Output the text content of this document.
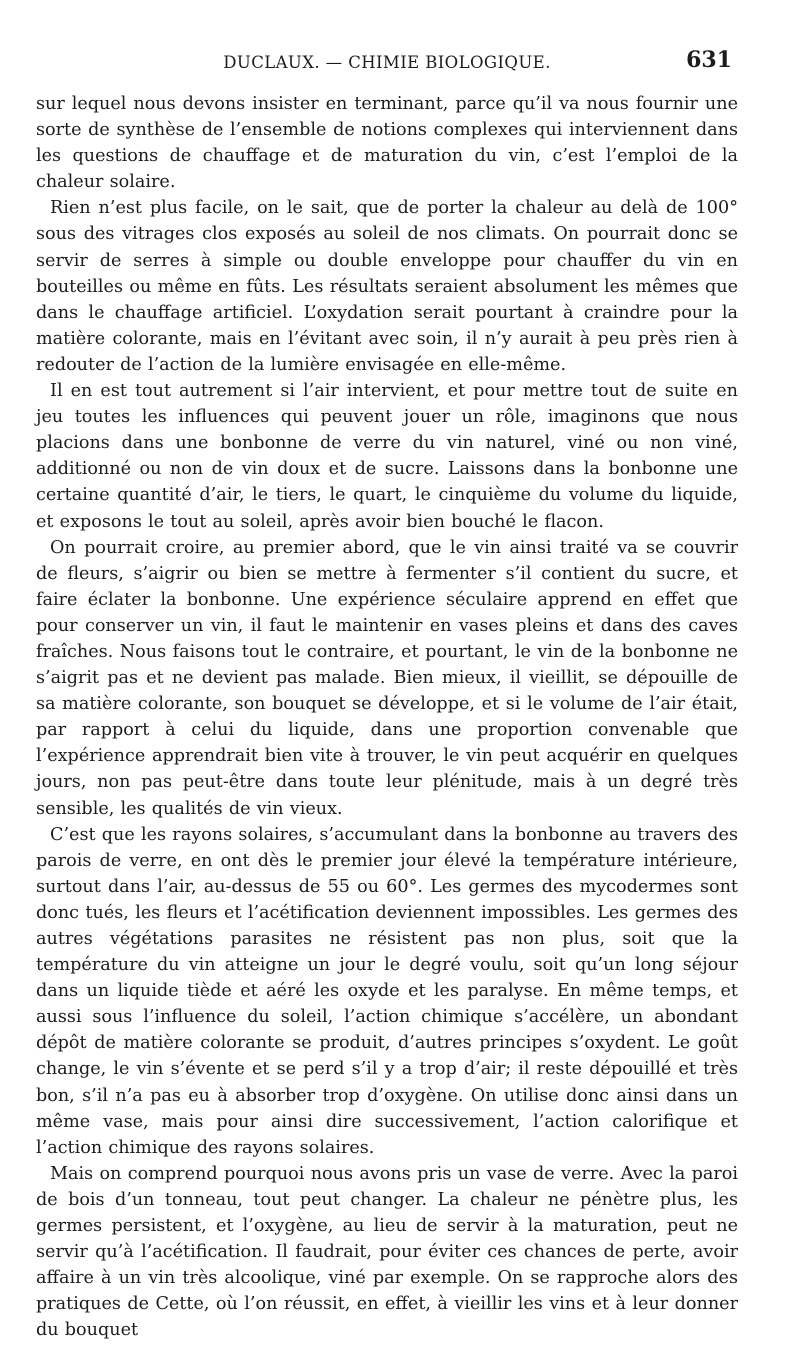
DUCLAUX. — CHIMIE BIOLOGIQUE.	631

sur lequel nous devons insister en terminant, parce qu’il va nous fournir une sorte de synthèse de l’ensemble de notions complexes qui interviennent dans les questions de chauffage et de maturation du vin, c’est l’emploi de la chaleur solaire.

Rien n’est plus facile, on le sait, que de porter la chaleur au delà de 100° sous des vitrages clos exposés au soleil de nos climats. On pourrait donc se servir de serres à simple ou double enveloppe pour chauffer du vin en bouteilles ou même en fûts. Les résultats seraient absolument les mêmes que dans le chauffage artificiel. L’oxydation serait pourtant à craindre pour la matière colorante, mais en l’évitant avec soin, il n’y aurait à peu près rien à redouter de l’action de la lumière envisagée en elle-même.

Il en est tout autrement si l’air intervient, et pour mettre tout de suite en jeu toutes les influences qui peuvent jouer un rôle, imaginons que nous placions dans une bonbonne de verre du vin naturel, viné ou non viné, additionné ou non de vin doux et de sucre. Laissons dans la bonbonne une certaine quantité d’air, le tiers, le quart, le cinquième du volume du liquide, et exposons le tout au soleil, après avoir bien bouché le flacon.

On pourrait croire, au premier abord, que le vin ainsi traité va se couvrir de fleurs, s’aigrir ou bien se mettre à fermenter s’il contient du sucre, et faire éclater la bonbonne. Une expérience séculaire apprend en effet que pour conserver un vin, il faut le maintenir en vases pleins et dans des caves fraîches. Nous faisons tout le contraire, et pourtant, le vin de la bonbonne ne s’aigrit pas et ne devient pas malade. Bien mieux, il vieillit, se dépouille de sa matière colorante, son bouquet se développe, et si le volume de l’air était, par rapport à celui du liquide, dans une proportion convenable que l’expérience apprendrait bien vite à trouver, le vin peut acquérir en quelques jours, non pas peut-être dans toute leur plénitude, mais à un degré très sensible, les qualités de vin vieux.

C’est que les rayons solaires, s’accumulant dans la bonbonne au travers des parois de verre, en ont dès le premier jour élevé la température intérieure, surtout dans l’air, au-dessus de 55 ou 60°. Les germes des mycodermes sont donc tués, les fleurs et l’acétification deviennent impossibles. Les germes des autres végétations parasites ne résistent pas non plus, soit que la température du vin atteigne un jour le degré voulu, soit qu’un long séjour dans un liquide tiède et aéré les oxyde et les paralyse. En même temps, et aussi sous l’influence du soleil, l’action chimique s’accélère, un abondant dépôt de matière colorante se produit, d’autres principes s’oxydent. Le goût change, le vin s’évente et se perd s’il y a trop d’air; il reste dépouillé et très bon, s’il n’a pas eu à absorber trop d’oxygène. On utilise donc ainsi dans un même vase, mais pour ainsi dire successivement, l’action calorifique et l’action chimique des rayons solaires.

Mais on comprend pourquoi nous avons pris un vase de verre. Avec la paroi de bois d’un tonneau, tout peut changer. La chaleur ne pénètre plus, les germes persistent, et l’oxygène, au lieu de servir à la maturation, peut ne servir qu’à l’acétification. Il faudrait, pour éviter ces chances de perte, avoir affaire à un vin très alcoolique, viné par exemple. On se rapproche alors des pratiques de Cette, où l’on réussit, en effet, à vieillir les vins et à leur donner du bouquet
